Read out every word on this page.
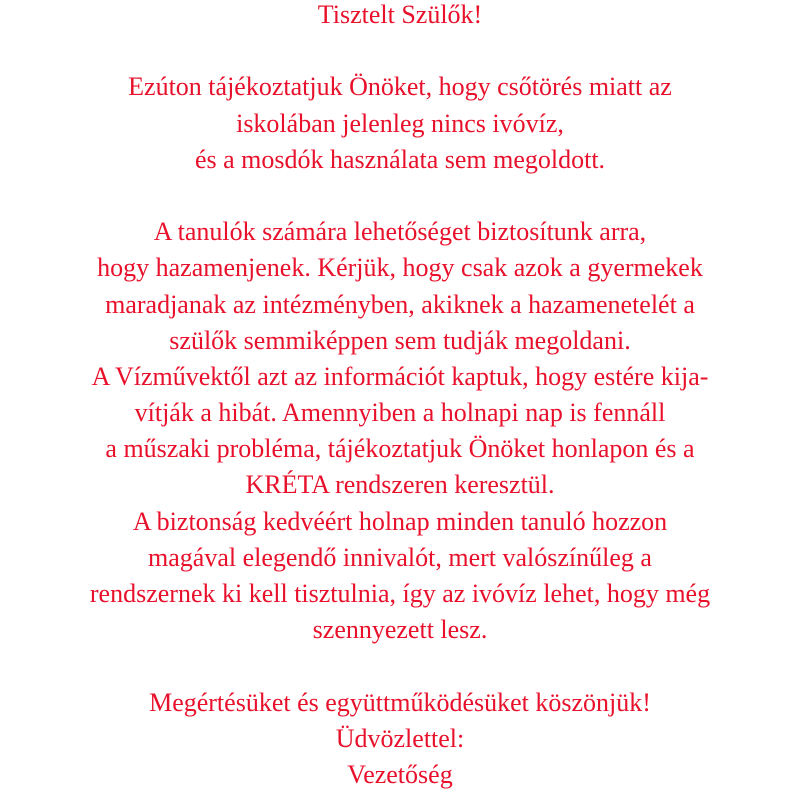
Tisztelt Szülők!
Ezúton tájékoztatjuk Önöket, hogy csőtörés miatt az
iskolában jelenleg nincs ivóvíz,
és a mosdók használata sem megoldott.
A tanulók számára lehetőséget biztosítunk arra,
hogy hazamenjenek. Kérjük, hogy csak azok a gyermekek
maradjanak az intézményben, akiknek a hazamenetelét a
szülők semmiképpen sem tudják megoldani.
A Vízművektől azt az információt kaptuk, hogy estére kija-
vítják a hibát. Amennyiben a holnapi nap is fennáll
a műszaki probléma, tájékoztatjuk Önöket honlapon és a
KRÉTA rendszeren keresztül.
A biztonság kedvéért holnap minden tanuló hozzon
magával elegendő innivalót, mert valószínűleg a
rendszernek ki kell tisztulnia, így az ivóvíz lehet, hogy még
szennyezett lesz.
Megértésüket és együttműködésüket köszönjük!
Üdvözlettel:
Vezetőség
